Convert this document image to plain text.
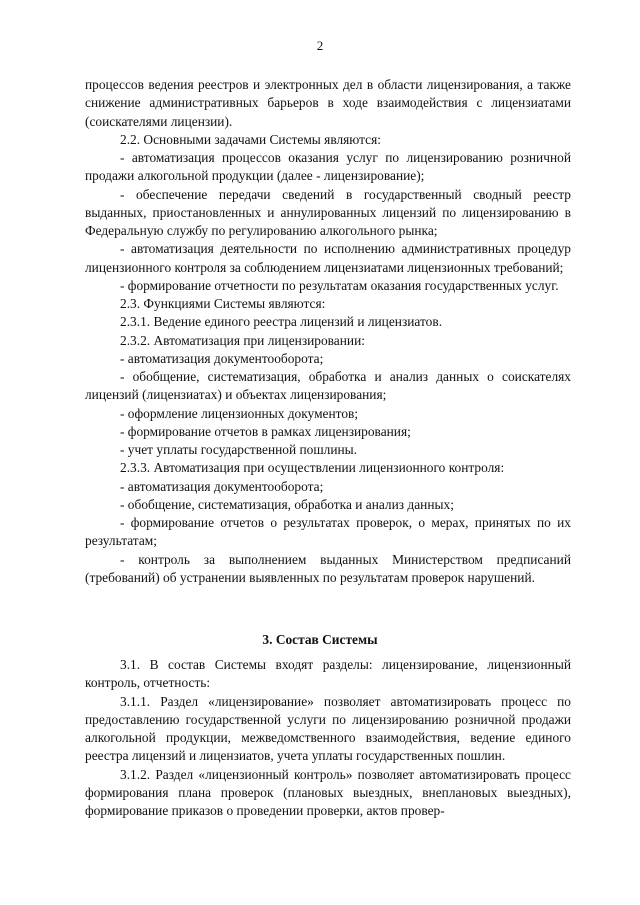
2

процессов ведения реестров и электронных дел в области лицензирования, а также снижение административных барьеров в ходе взаимодействия с лицензиатами (соискателями лицензии).

2.2. Основными задачами Системы являются:

- автоматизация процессов оказания услуг по лицензированию розничной продажи алкогольной продукции (далее - лицензирование);

- обеспечение передачи сведений в государственный сводный реестр выданных, приостановленных и аннулированных лицензий по лицензированию в Федеральную службу по регулированию алкогольного рынка;

- автоматизация деятельности по исполнению административных процедур лицензионного контроля за соблюдением лицензиатами лицензионных требований;

- формирование отчетности по результатам оказания государственных услуг.

2.3. Функциями Системы являются:

2.3.1. Ведение единого реестра лицензий и лицензиатов.

2.3.2. Автоматизация при лицензировании:

- автоматизация документооборота;

- обобщение, систематизация, обработка и анализ данных о соискателях лицензий (лицензиатах) и объектах лицензирования;

- оформление лицензионных документов;

- формирование отчетов в рамках лицензирования;

- учет уплаты государственной пошлины.

2.3.3. Автоматизация при осуществлении лицензионного контроля:

- автоматизация документооборота;

- обобщение, систематизация, обработка и анализ данных;

- формирование отчетов о результатах проверок, о мерах, принятых по их результатам;

- контроль за выполнением выданных Министерством предписаний (требований) об устранении выявленных по результатам проверок нарушений.

3. Состав Системы

3.1. В состав Системы входят разделы: лицензирование, лицензионный контроль, отчетность:

3.1.1. Раздел «лицензирование» позволяет автоматизировать процесс по предоставлению государственной услуги по лицензированию розничной продажи алкогольной продукции, межведомственного взаимодействия, ведение единого реестра лицензий и лицензиатов, учета уплаты государственных пошлин.

3.1.2. Раздел «лицензионный контроль» позволяет автоматизировать процесс формирования плана проверок (плановых выездных, внеплановых выездных), формирование приказов о проведении проверки, актов провер-
